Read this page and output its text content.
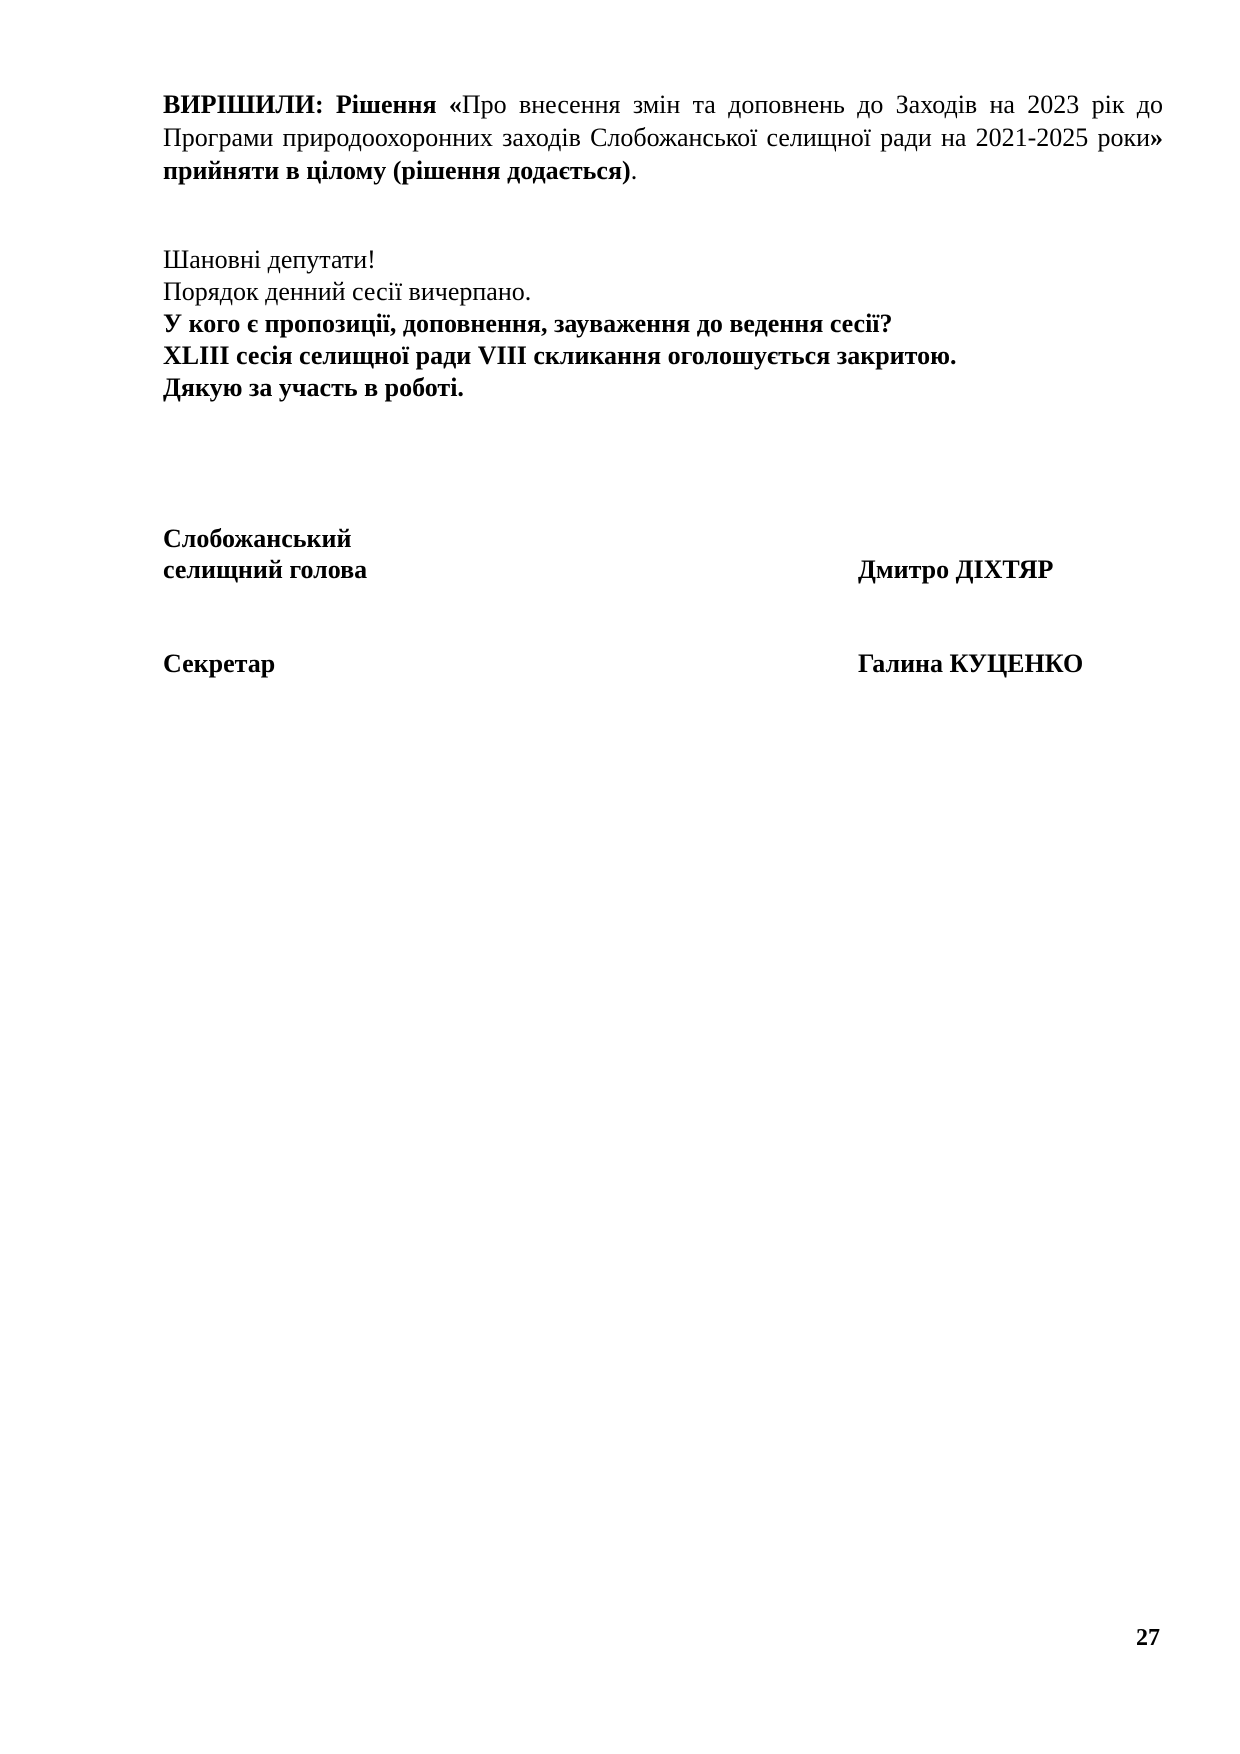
ВИРІШИЛИ: Рішення «Про внесення змін та доповнень до Заходів на 2023 рік до Програми природоохоронних заходів Слобожанської селищної ради на 2021-2025 роки» прийняти в цілому (рішення додається).

Шановні депутати!
Порядок денний сесії вичерпано.
У кого є пропозиції, доповнення, зауваження до ведення сесії?
XLIII сесія селищної ради VIII скликання оголошується закритою.
Дякую за участь в роботі.
Слобожанський
селищний голова	Дмитро ДІХТЯР
Секретар	Галина КУЦЕНКО
27
